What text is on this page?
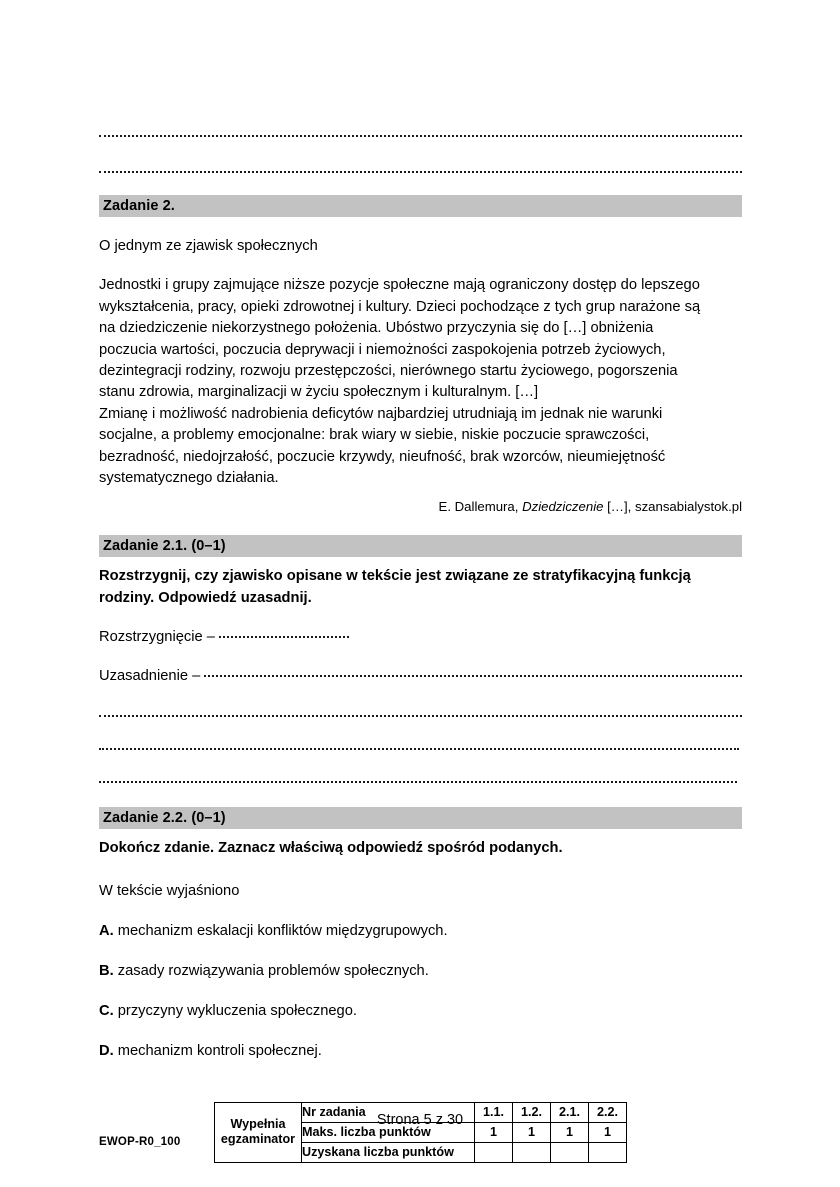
Zadanie 2.

O jednym ze zjawisk społecznych

Jednostki i grupy zajmujące niższe pozycje społeczne mają ograniczony dostęp do lepszego
wykształcenia, pracy, opieki zdrowotnej i kultury. Dzieci pochodzące z tych grup narażone są
na dziedziczenie niekorzystnego położenia. Ubóstwo przyczynia się do […] obniżenia
poczucia wartości, poczucia deprywacji i niemożności zaspokojenia potrzeb życiowych,
dezintegracji rodziny, rozwoju przestępczości, nierównego startu życiowego, pogorszenia
stanu zdrowia, marginalizacji w życiu społecznym i kulturalnym. […]

Zmianę i możliwość nadrobienia deficytów najbardziej utrudniają im jednak nie warunki
socjalne, a problemy emocjonalne: brak wiary w siebie, niskie poczucie sprawczości,
bezradność, niedojrzałość, poczucie krzywdy, nieufność, brak wzorców, nieumiejętność
systematycznego działania.

E. Dallemura, Dziedziczenie […], szansabialystok.pl

Zadanie 2.1. (0–1)

Rozstrzygnij, czy zjawisko opisane w tekście jest związane ze stratyfikacyjną funkcją
rodziny. Odpowiedź uzasadnij.

Rozstrzygnięcie –
Uzasadnienie –
Zadanie 2.2. (0–1)

Dokończ zdanie. Zaznacz właściwą odpowiedź spośród podanych.

W tekście wyjaśniono

A. mechanizm eskalacji konfliktów międzygrupowych.

B. zasady rozwiązywania problemów społecznych.

C. przyczyny wykluczenia społecznego.

D. mechanizm kontroli społecznej.

Wypełnia
egzaminator	Nr zadania	1.1.	1.2.	2.1.	2.2.
	Maks. liczba punktów	1	1	1	1
	Uzyskana liczba punktów				
Strona 5 z 30
EWOP-R0_100
